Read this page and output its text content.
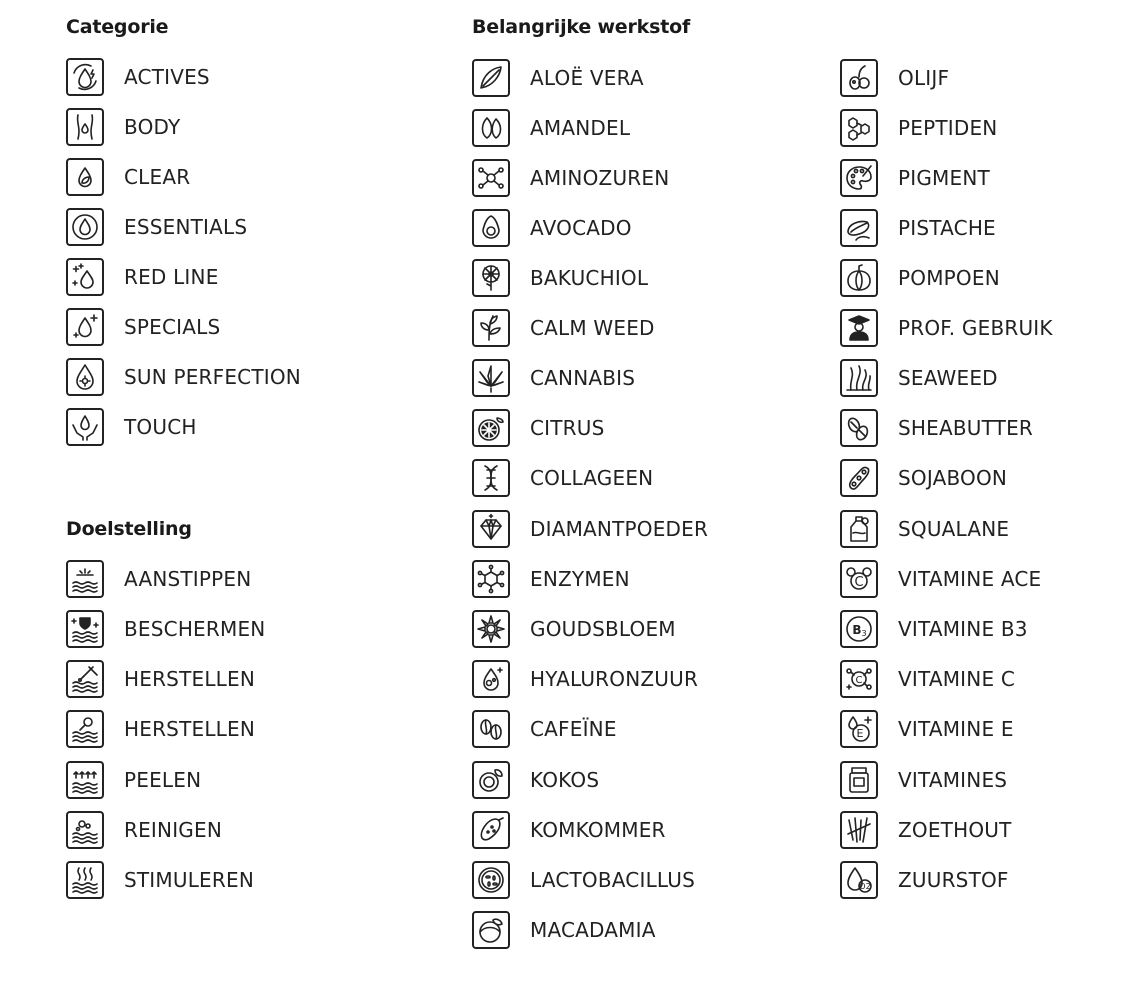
Categorie
ACTIVES
BODY
CLEAR
ESSENTIALS
RED LINE
SPECIALS
SUN PERFECTION
TOUCH
Doelstelling
AANSTIPPEN
BESCHERMEN
HERSTELLEN
HERSTELLEN
PEELEN
REINIGEN
STIMULEREN
Belangrijke werkstof
ALOË VERA
AMANDEL
AMINOZUREN
AVOCADO
BAKUCHIOL
CALM WEED
CANNABIS
CITRUS
COLLAGEEN
DIAMANTPOEDER
ENZYMEN
GOUDSBLOEM
HYALURONZUUR
CAFEÏNE
KOKOS
KOMKOMMER
LACTOBACILLUS
MACADAMIA
OLIJF
PEPTIDEN
PIGMENT
PISTACHE
POMPOEN
PROF. GEBRUIK
SEAWEED
SHEABUTTER
SOJABOON
SQUALANE
C VITAMINE ACE
B 3 VITAMINE B3
C VITAMINE C
E VITAMINE E
VITAMINES
ZOETHOUT
O2 ZUURSTOF
